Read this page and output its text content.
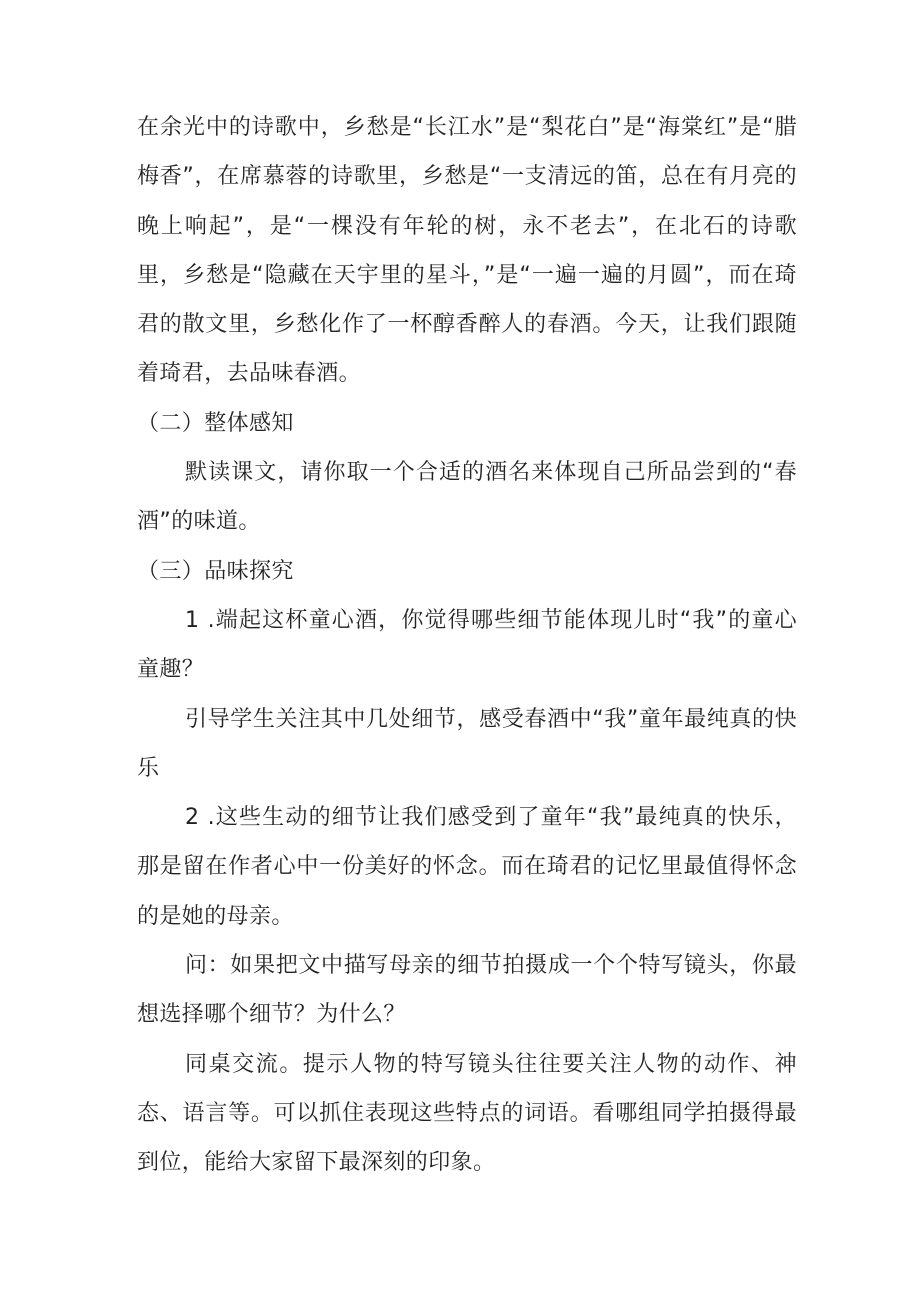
在余光中的诗歌中，乡愁是“长江水”是“梨花白”是“海棠红”是“腊梅香”，在席慕蓉的诗歌里，乡愁是“一支清远的笛，总在有月亮的晚上响起”，是“一棵没有年轮的树，永不老去”，在北石的诗歌里，乡愁是“隐藏在天宇里的星斗，”是“一遍一遍的月圆”，而在琦君的散文里，乡愁化作了一杯醇香醉人的春酒。今天，让我们跟随着琦君，去品味春酒。

（二）整体感知

默读课文，请你取一个合适的酒名来体现自己所品尝到的“春酒”的味道。

（三）品味探究

1 .端起这杯童心酒，你觉得哪些细节能体现儿时“我”的童心童趣？

引导学生关注其中几处细节，感受春酒中“我”童年最纯真的快乐

2 .这些生动的细节让我们感受到了童年“我”最纯真的快乐，那是留在作者心中一份美好的怀念。而在琦君的记忆里最值得怀念的是她的母亲。

问：如果把文中描写母亲的细节拍摄成一个个特写镜头，你最想选择哪个细节？为什么？

同桌交流。提示人物的特写镜头往往要关注人物的动作、神态、语言等。可以抓住表现这些特点的词语。看哪组同学拍摄得最到位，能给大家留下最深刻的印象。
